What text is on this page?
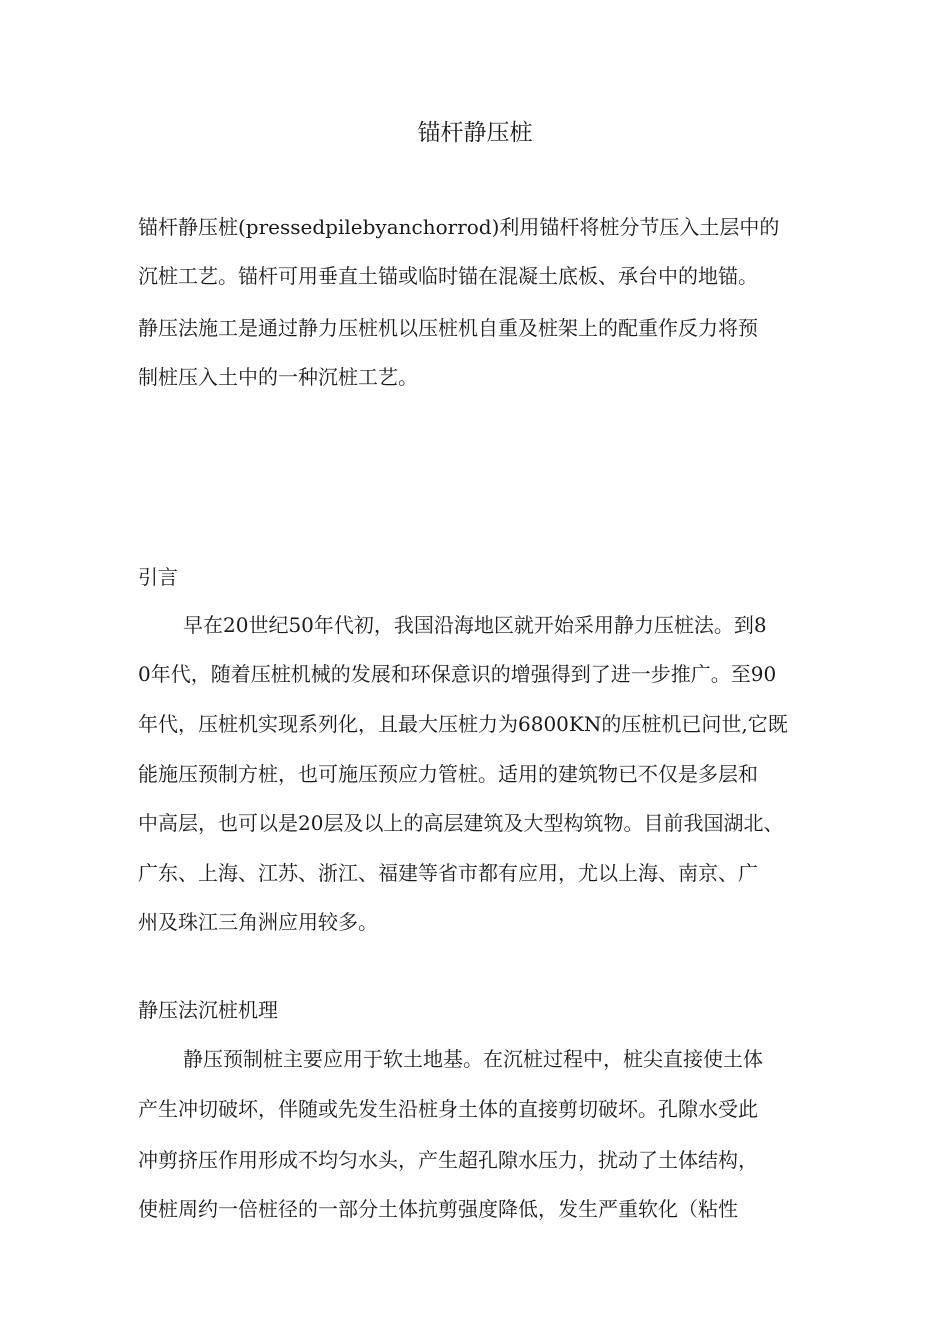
锚杆静压桩

锚杆静压桩(pressedpilebyanchorrod)利用锚杆将桩分节压入土层中的

沉桩工艺。锚杆可用垂直土锚或临时锚在混凝土底板、承台中的地锚。

静压法施工是通过静力压桩机以压桩机自重及桩架上的配重作反力将预

制桩压入土中的一种沉桩工艺。

引言

早在20世纪50年代初，我国沿海地区就开始采用静力压桩法。到8

0年代，随着压桩机械的发展和环保意识的增强得到了进一步推广。至90

年代，压桩机实现系列化，且最大压桩力为6800KN的压桩机已问世,它既

能施压预制方桩，也可施压预应力管桩。适用的建筑物已不仅是多层和

中高层，也可以是20层及以上的高层建筑及大型构筑物。目前我国湖北、

广东、上海、江苏、浙江、福建等省市都有应用，尤以上海、南京、广

州及珠江三角洲应用较多。

静压法沉桩机理

静压预制桩主要应用于软土地基。在沉桩过程中，桩尖直接使土体

产生冲切破坏，伴随或先发生沿桩身土体的直接剪切破坏。孔隙水受此

冲剪挤压作用形成不均匀水头，产生超孔隙水压力，扰动了土体结构，

使桩周约一倍桩径的一部分土体抗剪强度降低，发生严重软化（粘性
